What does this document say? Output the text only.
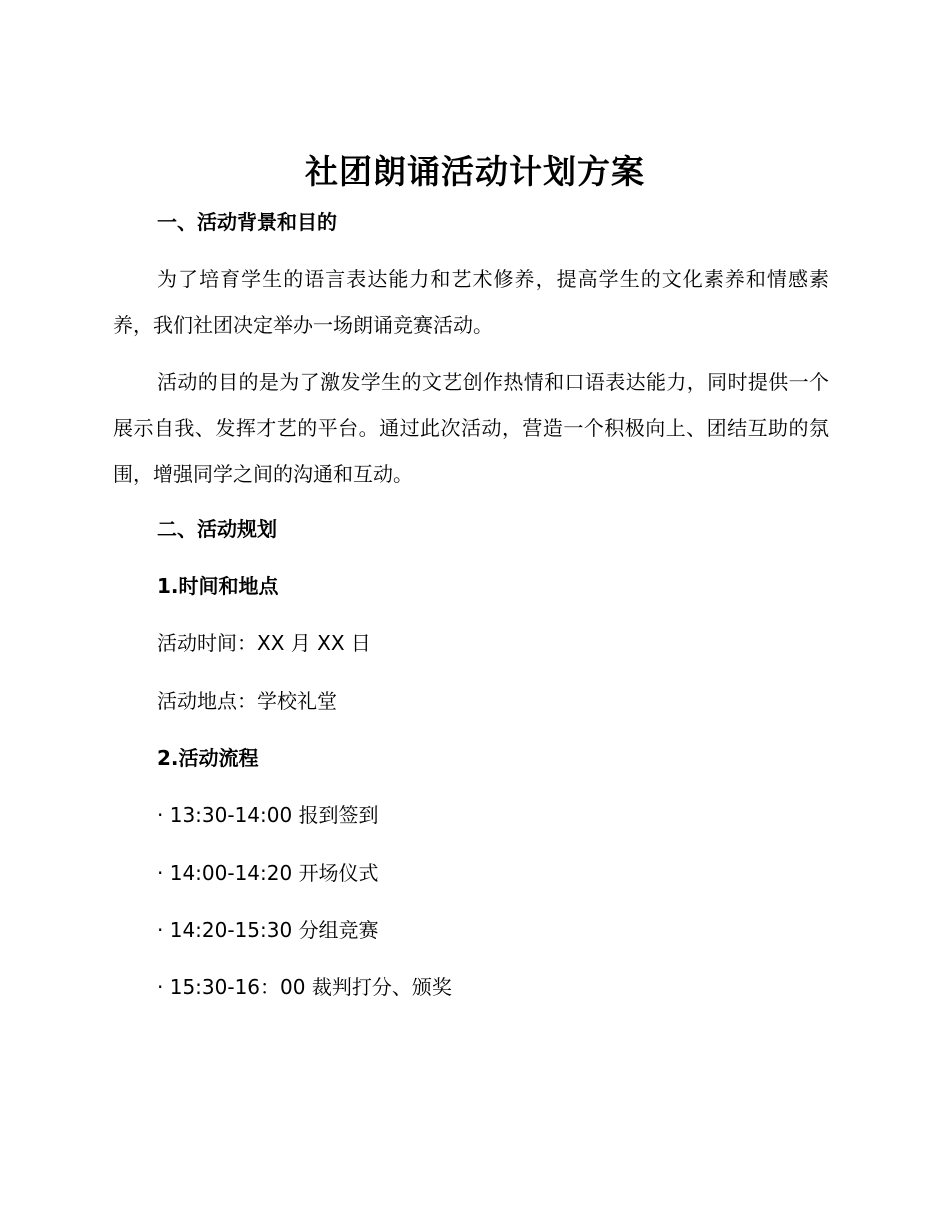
社团朗诵活动计划方案
一、活动背景和目的
为了培育学生的语言表达能力和艺术修养，提高学生的文化素养和情感素养，我们社团决定举办一场朗诵竞赛活动。
活动的目的是为了激发学生的文艺创作热情和口语表达能力，同时提供一个展示自我、发挥才艺的平台。通过此次活动，营造一个积极向上、团结互助的氛围，增强同学之间的沟通和互动。
二、活动规划
1.时间和地点
活动时间：XX 月 XX 日
活动地点：学校礼堂
2.活动流程
· 13:30-14:00 报到签到
· 14:00-14:20 开场仪式
· 14:20-15:30 分组竞赛
· 15:30-16：00 裁判打分、颁奖
